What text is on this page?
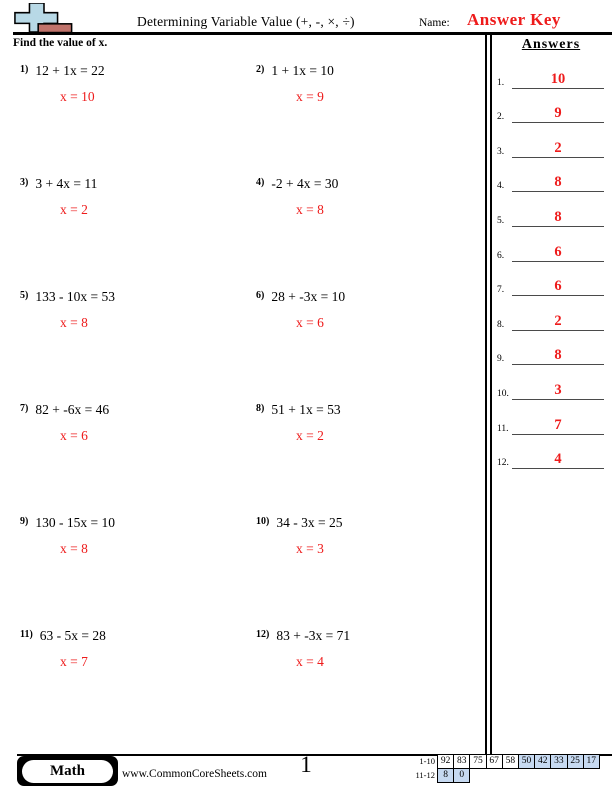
Determining Variable Value (+, -, ×, ÷)	Name: Answer Key
Find the value of x.	Answers
1.	10
2.	9
3.	2
4.	8
5.	8
6.	6
7.	6
8.	2
9.	8
10.	3
11.	7
12.	4
1) 12 + 1x = 22
x = 10
2) 1 + 1x = 10
x = 9
3) 3 + 4x = 11
x = 2
4) -2 + 4x = 30
x = 8
5) 133 - 10x = 53
x = 8
6) 28 + -3x = 10
x = 6
7) 82 + -6x = 46
x = 6
8) 51 + 1x = 53
x = 2
9) 130 - 15x = 10
x = 8
10) 34 - 3x = 25
x = 3
11) 63 - 5x = 28
x = 7
12) 83 + -3x = 71
x = 4
Math	www.CommonCoreSheets.com	1	1-10 92 83 75 67 58 50 42 33 25 17
11-12 8	0
